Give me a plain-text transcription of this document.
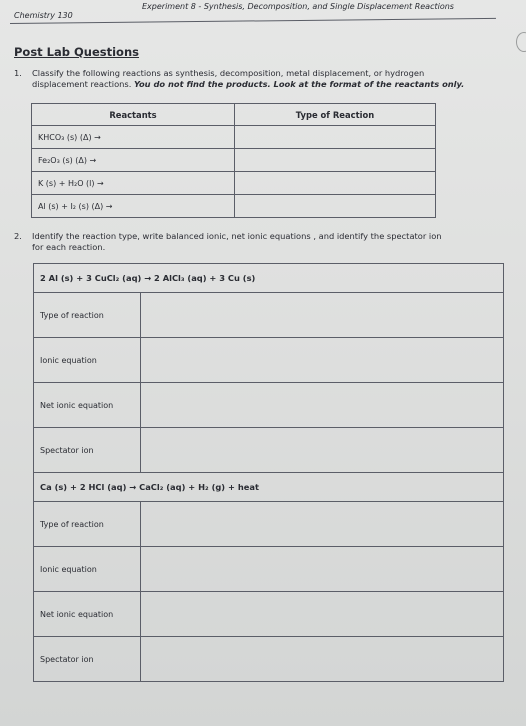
Chemistry 130
Experiment 8 - Synthesis, Decomposition, and Single Displacement Reactions
Post Lab Questions
1. Classify the following reactions as synthesis, decomposition, metal displacement, or hydrogen
displacement reactions. You do not find the products. Look at the format of the reactants only.
Reactants	Type of Reaction
KHCO₃ (s) (Δ) →	
Fe₂O₃ (s) (Δ) →	
K (s) + H₂O (l) →	
Al (s) + I₂ (s) (Δ) →	
2. Identify the reaction type, write balanced ionic, net ionic equations , and identify the spectator ion
for each reaction.
2 Al (s) + 3 CuCl₂ (aq) → 2 AlCl₃ (aq) + 3 Cu (s)	
Type of reaction	
Ionic equation	
Net ionic equation	
Spectator ion	
Ca (s) + 2 HCl (aq) → CaCl₂ (aq) + H₂ (g) + heat	
Type of reaction	
Ionic equation	
Net ionic equation	
Spectator ion	
